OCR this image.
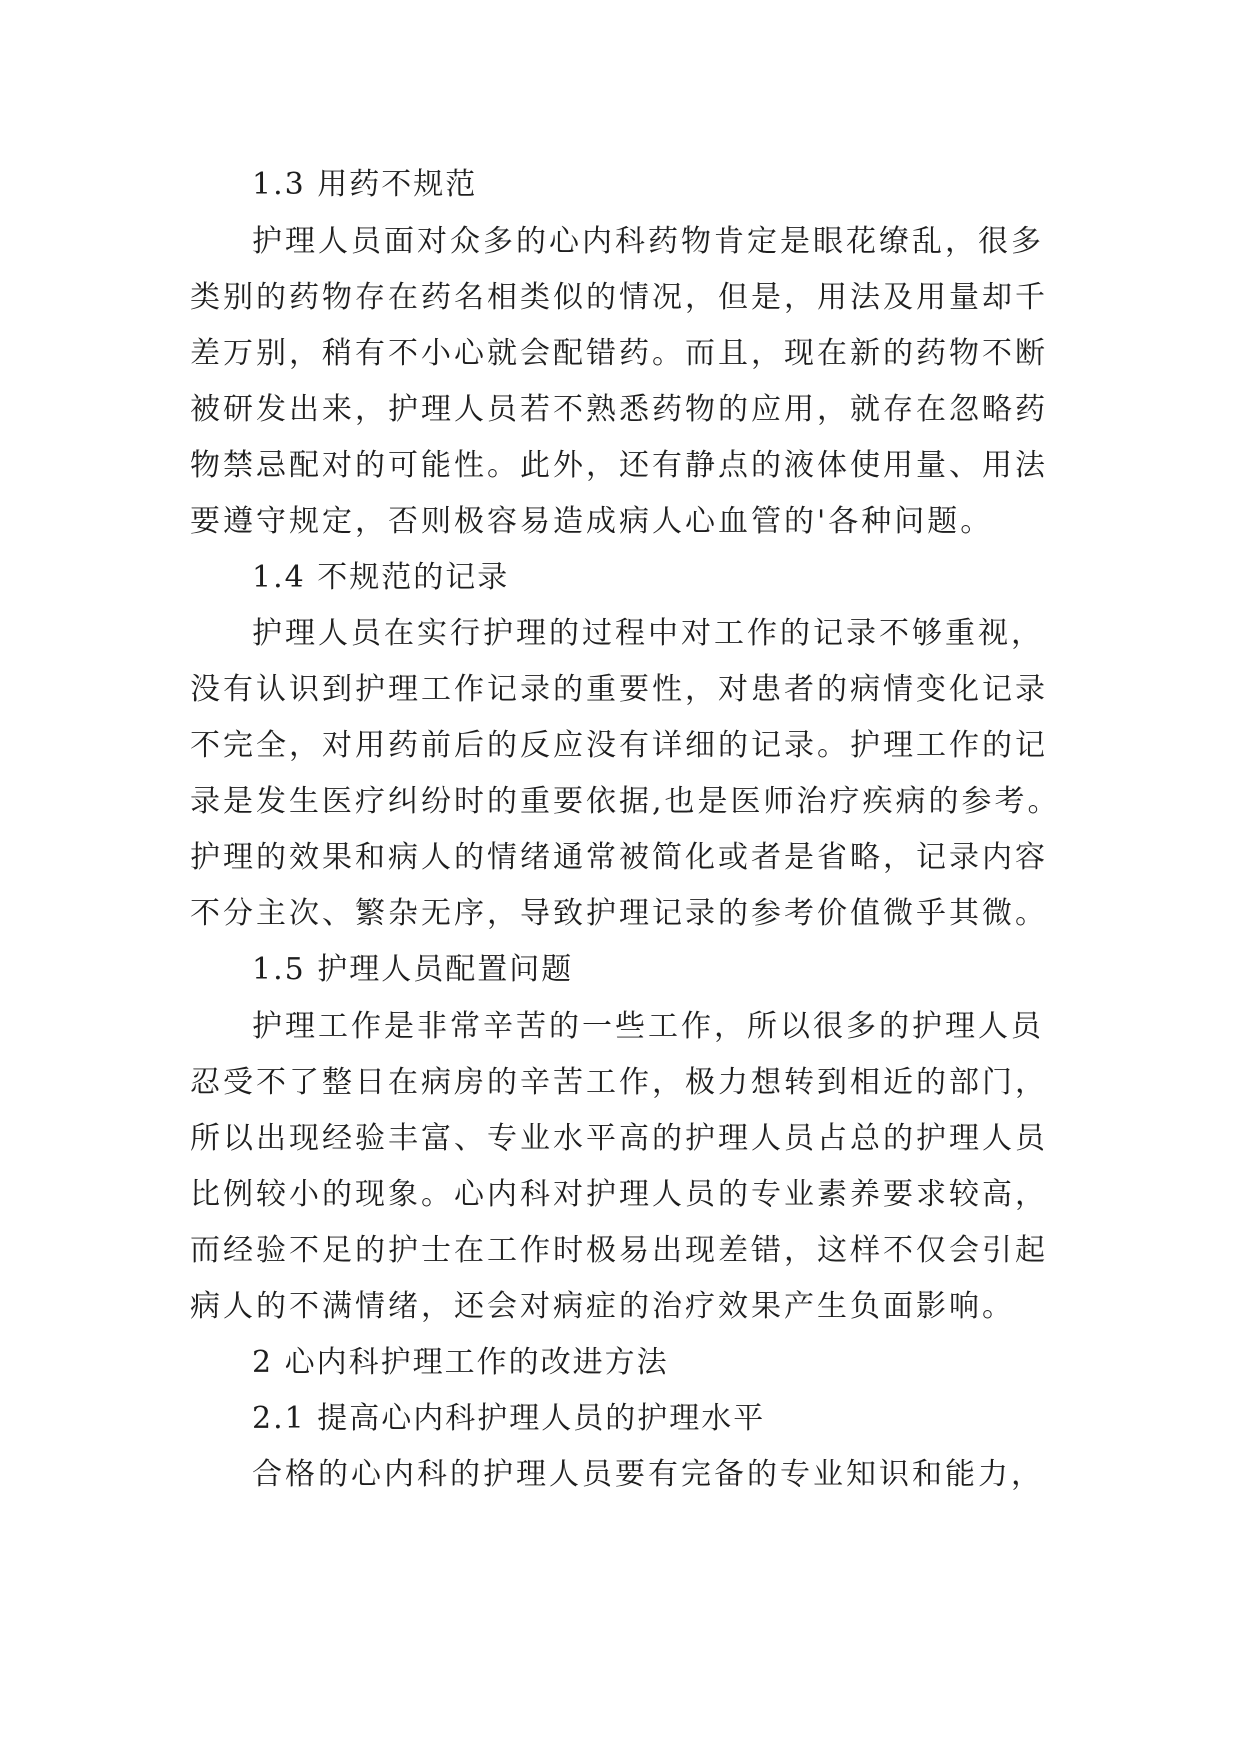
1.3 用药不规范

护理人员面对众多的心内科药物肯定是眼花缭乱，很多

类别的药物存在药名相类似的情况，但是，用法及用量却千

差万别，稍有不小心就会配错药。而且，现在新的药物不断

被研发出来，护理人员若不熟悉药物的应用，就存在忽略药

物禁忌配对的可能性。此外，还有静点的液体使用量、用法

要遵守规定，否则极容易造成病人心血管的'各种问题。

1.4 不规范的记录

护理人员在实行护理的过程中对工作的记录不够重视，

没有认识到护理工作记录的重要性，对患者的病情变化记录

不完全，对用药前后的反应没有详细的记录。护理工作的记

录是发生医疗纠纷时的重要依据,也是医师治疗疾病的参考。

护理的效果和病人的情绪通常被简化或者是省略，记录内容

不分主次、繁杂无序，导致护理记录的参考价值微乎其微。

1.5 护理人员配置问题

护理工作是非常辛苦的一些工作，所以很多的护理人员

忍受不了整日在病房的辛苦工作，极力想转到相近的部门，

所以出现经验丰富、专业水平高的护理人员占总的护理人员

比例较小的现象。心内科对护理人员的专业素养要求较高，

而经验不足的护士在工作时极易出现差错，这样不仅会引起

病人的不满情绪，还会对病症的治疗效果产生负面影响。

2 心内科护理工作的改进方法

2.1 提高心内科护理人员的护理水平

合格的心内科的护理人员要有完备的专业知识和能力，
